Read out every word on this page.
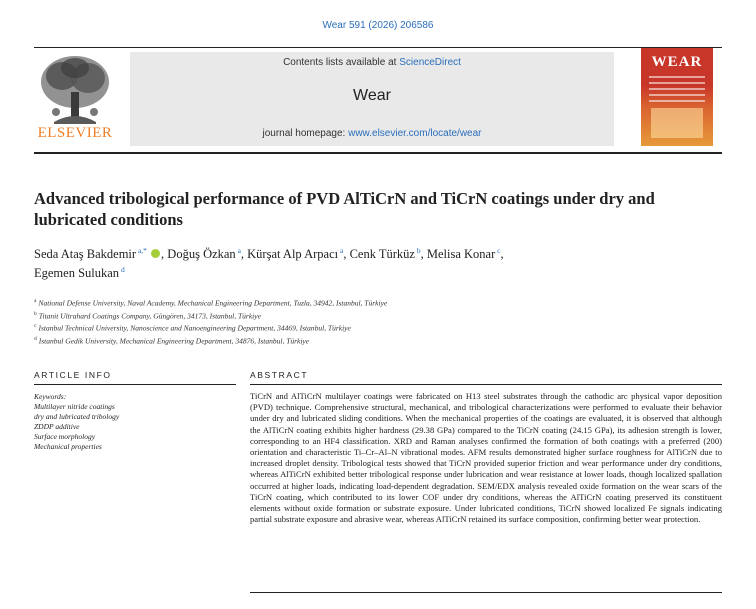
Wear 591 (2026) 206586
ELSEVIER
Contents lists available at ScienceDirect
Wear
journal homepage: www.elsevier.com/locate/wear
WEAR
Advanced tribological performance of PVD AlTiCrN and TiCrN coatings under dry and lubricated conditions
Seda Ataş Bakdemir $^{a,*}$ , Doğuş Özkan $^a$, Kürşat Alp Arpacı $^a$, Cenk Türküz $^b$, Melisa Konar $^c$,
Egemen Sulukan $^d$
$^a$ National Defense University, Naval Academy, Mechanical Engineering Department, Tuzla, 34942, Istanbul, Türkiye
$^b$ Titanit Ultrahard Coatings Company, Güngören, 34173, Istanbul, Türkiye
$^c$ Istanbul Technical University, Nanoscience and Nanoengineering Department, 34469, Istanbul, Türkiye
$^d$ Istanbul Gedik University, Mechanical Engineering Department, 34876, Istanbul, Türkiye
ARTICLE INFO	ABSTRACT
Keywords:
Multilayer nitride coatings
dry and lubricated tribology
ZDDP additive
Surface morphology
Mechanical properties

TiCrN and AlTiCrN multilayer coatings were fabricated on H13 steel substrates through the cathodic arc physical vapor deposition (PVD) technique. Comprehensive structural, mechanical, and tribological characterizations were performed to evaluate their behavior under dry and lubricated sliding conditions. When the mechanical properties of the coatings are evaluated, it is observed that although the AlTiCrN coating exhibits higher hardness (29.38 GPa) compared to the TiCrN coating (24.15 GPa), its adhesion strength is lower, corresponding to an HF4 classification. XRD and Raman analyses confirmed the formation of both coatings with a preferred (200) orientation and characteristic Ti–Cr–Al–N vibrational modes. AFM results demonstrated higher surface roughness for AlTiCrN due to increased droplet density. Tribological tests showed that TiCrN provided superior friction and wear performance under dry conditions, whereas AlTiCrN exhibited better tribological response under lubrication and wear resistance at lower loads, though localized spallation occurred at higher loads, indicating load-dependent degradation. SEM/EDX analysis revealed oxide formation on the wear scars of the TiCrN coating, which contributed to its lower COF under dry conditions, whereas the AlTiCrN coating preserved its constituent elements without oxide formation or substrate exposure. Under lubricated conditions, TiCrN showed localized Fe signals indicating partial substrate exposure and abrasive wear, whereas AlTiCrN retained its surface composition, confirming better wear protection.
